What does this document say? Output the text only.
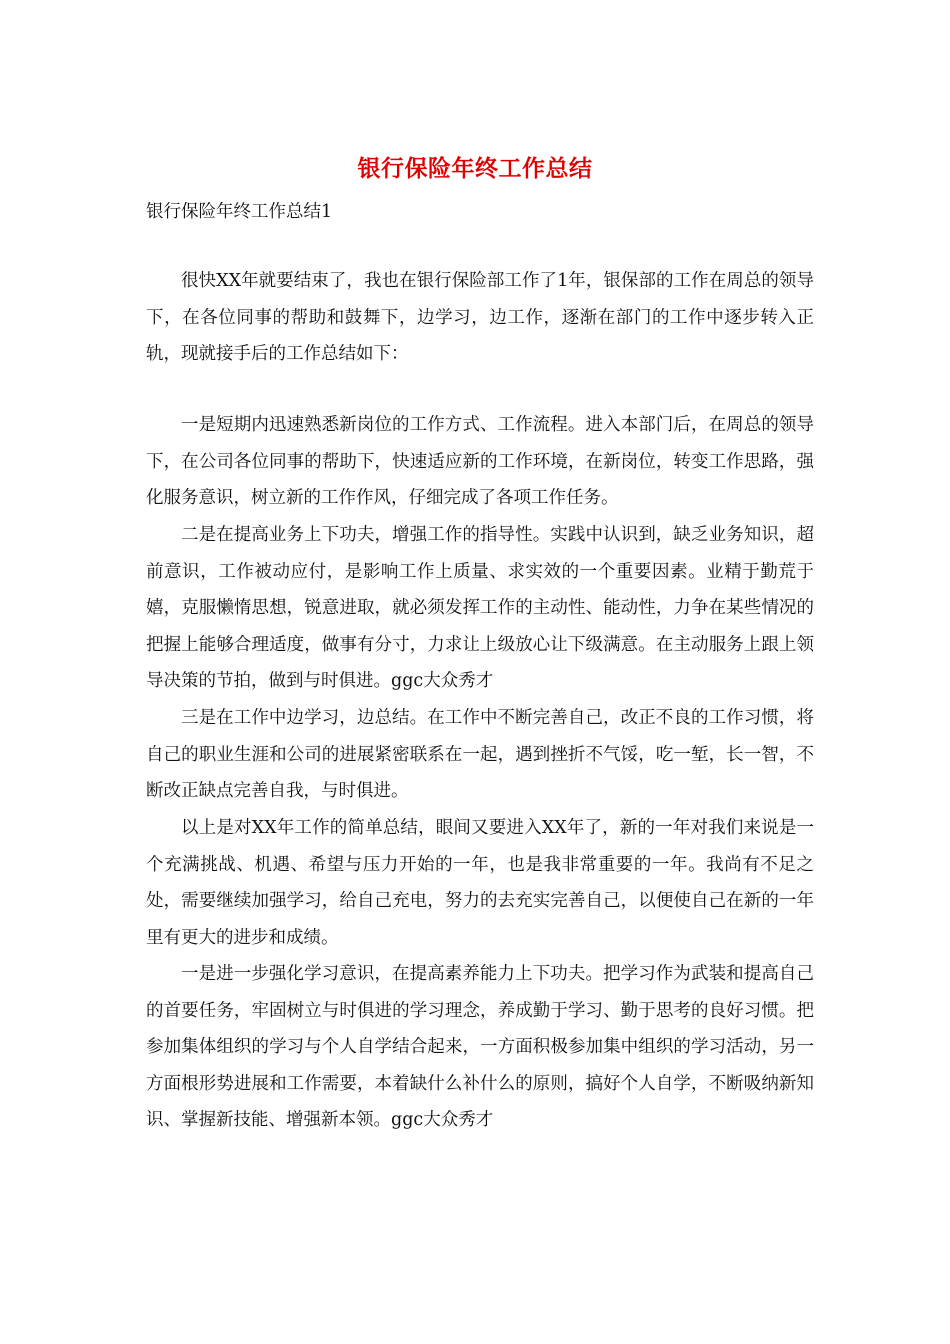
银行保险年终工作总结
银行保险年终工作总结1

很快XX年就要结束了，我也在银行保险部工作了1年，银保部的工作在周总的领导下，在各位同事的帮助和鼓舞下，边学习，边工作，逐渐在部门的工作中逐步转入正轨，现就接手后的工作总结如下：

一是短期内迅速熟悉新岗位的工作方式、工作流程。进入本部门后，在周总的领导下，在公司各位同事的帮助下，快速适应新的工作环境，在新岗位，转变工作思路，强化服务意识，树立新的工作作风，仔细完成了各项工作任务。

二是在提高业务上下功夫，增强工作的指导性。实践中认识到，缺乏业务知识，超前意识，工作被动应付，是影响工作上质量、求实效的一个重要因素。业精于勤荒于嬉，克服懒惰思想，锐意进取，就必须发挥工作的主动性、能动性，力争在某些情况的把握上能够合理适度，做事有分寸，力求让上级放心让下级满意。在主动服务上跟上领导决策的节拍，做到与时俱进。ggc大众秀才

三是在工作中边学习，边总结。在工作中不断完善自己，改正不良的工作习惯，将自己的职业生涯和公司的进展紧密联系在一起，遇到挫折不气馁，吃一堑，长一智，不断改正缺点完善自我，与时俱进。

以上是对XX年工作的简单总结，眼间又要进入XX年了，新的一年对我们来说是一个充满挑战、机遇、希望与压力开始的一年，也是我非常重要的一年。我尚有不足之处，需要继续加强学习，给自己充电，努力的去充实完善自己，以便使自己在新的一年里有更大的进步和成绩。

一是进一步强化学习意识，在提高素养能力上下功夫。把学习作为武装和提高自己的首要任务，牢固树立与时俱进的学习理念，养成勤于学习、勤于思考的良好习惯。把参加集体组织的学习与个人自学结合起来，一方面积极参加集中组织的学习活动，另一方面根形势进展和工作需要，本着缺什么补什么的原则，搞好个人自学，不断吸纳新知识、掌握新技能、增强新本领。ggc大众秀才
